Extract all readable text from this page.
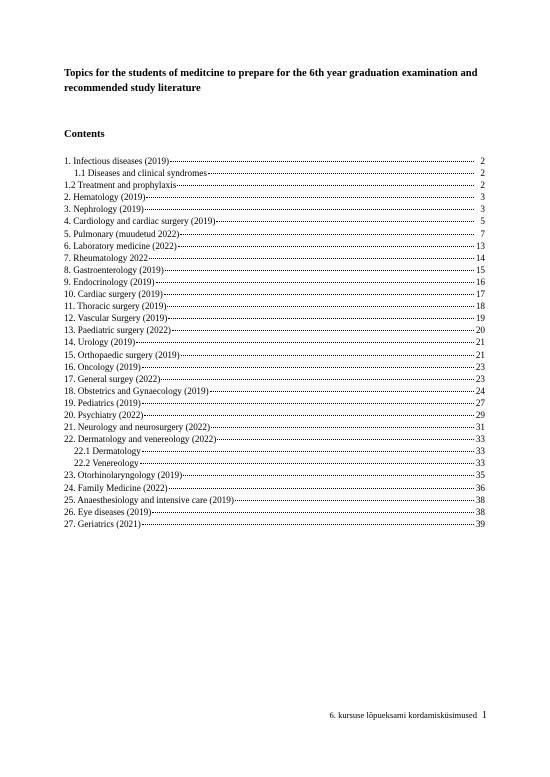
Topics for the students of meditcine to prepare for the 6th year graduation examination and recommended study literature
Contents
1. Infectious diseases (2019)	2
1.1 Diseases and clinical syndromes	2
1.2 Treatment and prophylaxis	2
2. Hematology (2019)	3
3. Nephrology (2019)	3
4. Cardiology and cardiac surgery (2019)	5
5. Pulmonary (muudetud 2022)	7
6. Laboratory medicine (2022)	13
7. Rheumatology 2022	14
8. Gastroenterology (2019)	15
9. Endocrinology (2019)	16
10. Cardiac surgery (2019)	17
11. Thoracic surgery (2019)	18
12. Vascular Surgery (2019)	19
13. Paediatric surgery (2022)	20
14. Urology (2019)	21
15. Orthopaedic surgery (2019)	21
16. Oncology (2019)	23
17. General surgey (2022)	23
18. Obstetrics and Gynaecology (2019)	24
19. Pediatrics (2019)	27
20. Psychiatry (2022)	29
21. Neurology and neurosurgery (2022)	31
22. Dermatology and venereology (2022)	33
22.1 Dermatology	33
22.2 Venereology	33
23. Otorhinolaryngology (2019)	35
24. Family Medicine (2022)	36
25. Anaesthesiology and intensive care (2019)	38
26. Eye diseases (2019)	38
27. Geriatrics (2021)	39
6. kursuse lõpueksami kordamisküsimused 1
